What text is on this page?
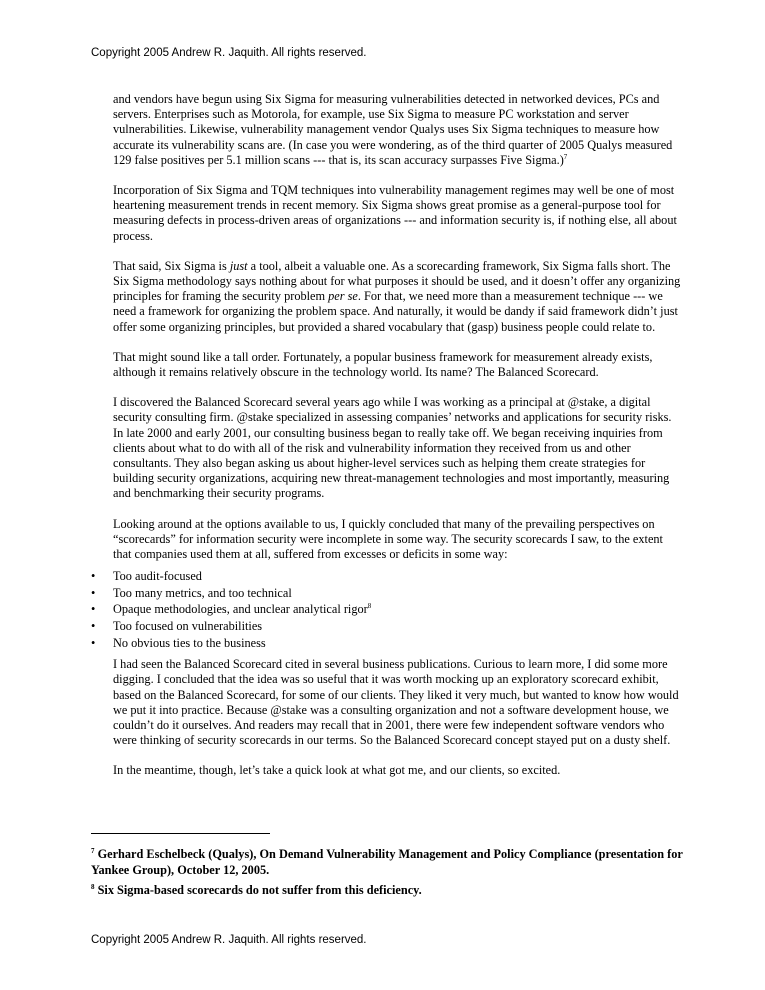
Copyright 2005 Andrew R. Jaquith. All rights reserved.

and vendors have begun using Six Sigma for measuring vulnerabilities detected in networked devices, PCs and servers. Enterprises such as Motorola, for example, use Six Sigma to measure PC workstation and server vulnerabilities. Likewise, vulnerability management vendor Qualys uses Six Sigma techniques to measure how accurate its vulnerability scans are. (In case you were wondering, as of the third quarter of 2005 Qualys measured 129 false positives per 5.1 million scans --- that is, its scan accuracy surpasses Five Sigma.)$^7$

Incorporation of Six Sigma and TQM techniques into vulnerability management regimes may well be one of most heartening measurement trends in recent memory. Six Sigma shows great promise as a general-purpose tool for measuring defects in process-driven areas of organizations --- and information security is, if nothing else, all about process.

That said, Six Sigma is just a tool, albeit a valuable one. As a scorecarding framework, Six Sigma falls short. The Six Sigma methodology says nothing about for what purposes it should be used, and it doesn’t offer any organizing principles for framing the security problem per se. For that, we need more than a measurement technique --- we need a framework for organizing the problem space. And naturally, it would be dandy if said framework didn’t just offer some organizing principles, but provided a shared vocabulary that (gasp) business people could relate to.

That might sound like a tall order. Fortunately, a popular business framework for measurement already exists, although it remains relatively obscure in the technology world. Its name? The Balanced Scorecard.

I discovered the Balanced Scorecard several years ago while I was working as a principal at @stake, a digital security consulting firm. @stake specialized in assessing companies’ networks and applications for security risks. In late 2000 and early 2001, our consulting business began to really take off. We began receiving inquiries from clients about what to do with all of the risk and vulnerability information they received from us and other consultants. They also began asking us about higher-level services such as helping them create strategies for building security organizations, acquiring new threat-management technologies and most importantly, measuring and benchmarking their security programs.

Looking around at the options available to us, I quickly concluded that many of the prevailing perspectives on “scorecards” for information security were incomplete in some way. The security scorecards I saw, to the extent that companies used them at all, suffered from excesses or deficits in some way:

• Too audit-focused
• Too many metrics, and too technical
• Opaque methodologies, and unclear analytical rigor$^8$
• Too focused on vulnerabilities
• No obvious ties to the business

I had seen the Balanced Scorecard cited in several business publications. Curious to learn more, I did some more digging. I concluded that the idea was so useful that it was worth mocking up an exploratory scorecard exhibit, based on the Balanced Scorecard, for some of our clients. They liked it very much, but wanted to know how would we put it into practice. Because @stake was a consulting organization and not a software development house, we couldn’t do it ourselves. And readers may recall that in 2001, there were few independent software vendors who were thinking of security scorecards in our terms. So the Balanced Scorecard concept stayed put on a dusty shelf.

In the meantime, though, let’s take a quick look at what got me, and our clients, so excited.

$^7$ Gerhard Eschelbeck (Qualys), On Demand Vulnerability Management and Policy Compliance (presentation for Yankee Group), October 12, 2005.

$^8$ Six Sigma-based scorecards do not suffer from this deficiency.

Copyright 2005 Andrew R. Jaquith. All rights reserved.
